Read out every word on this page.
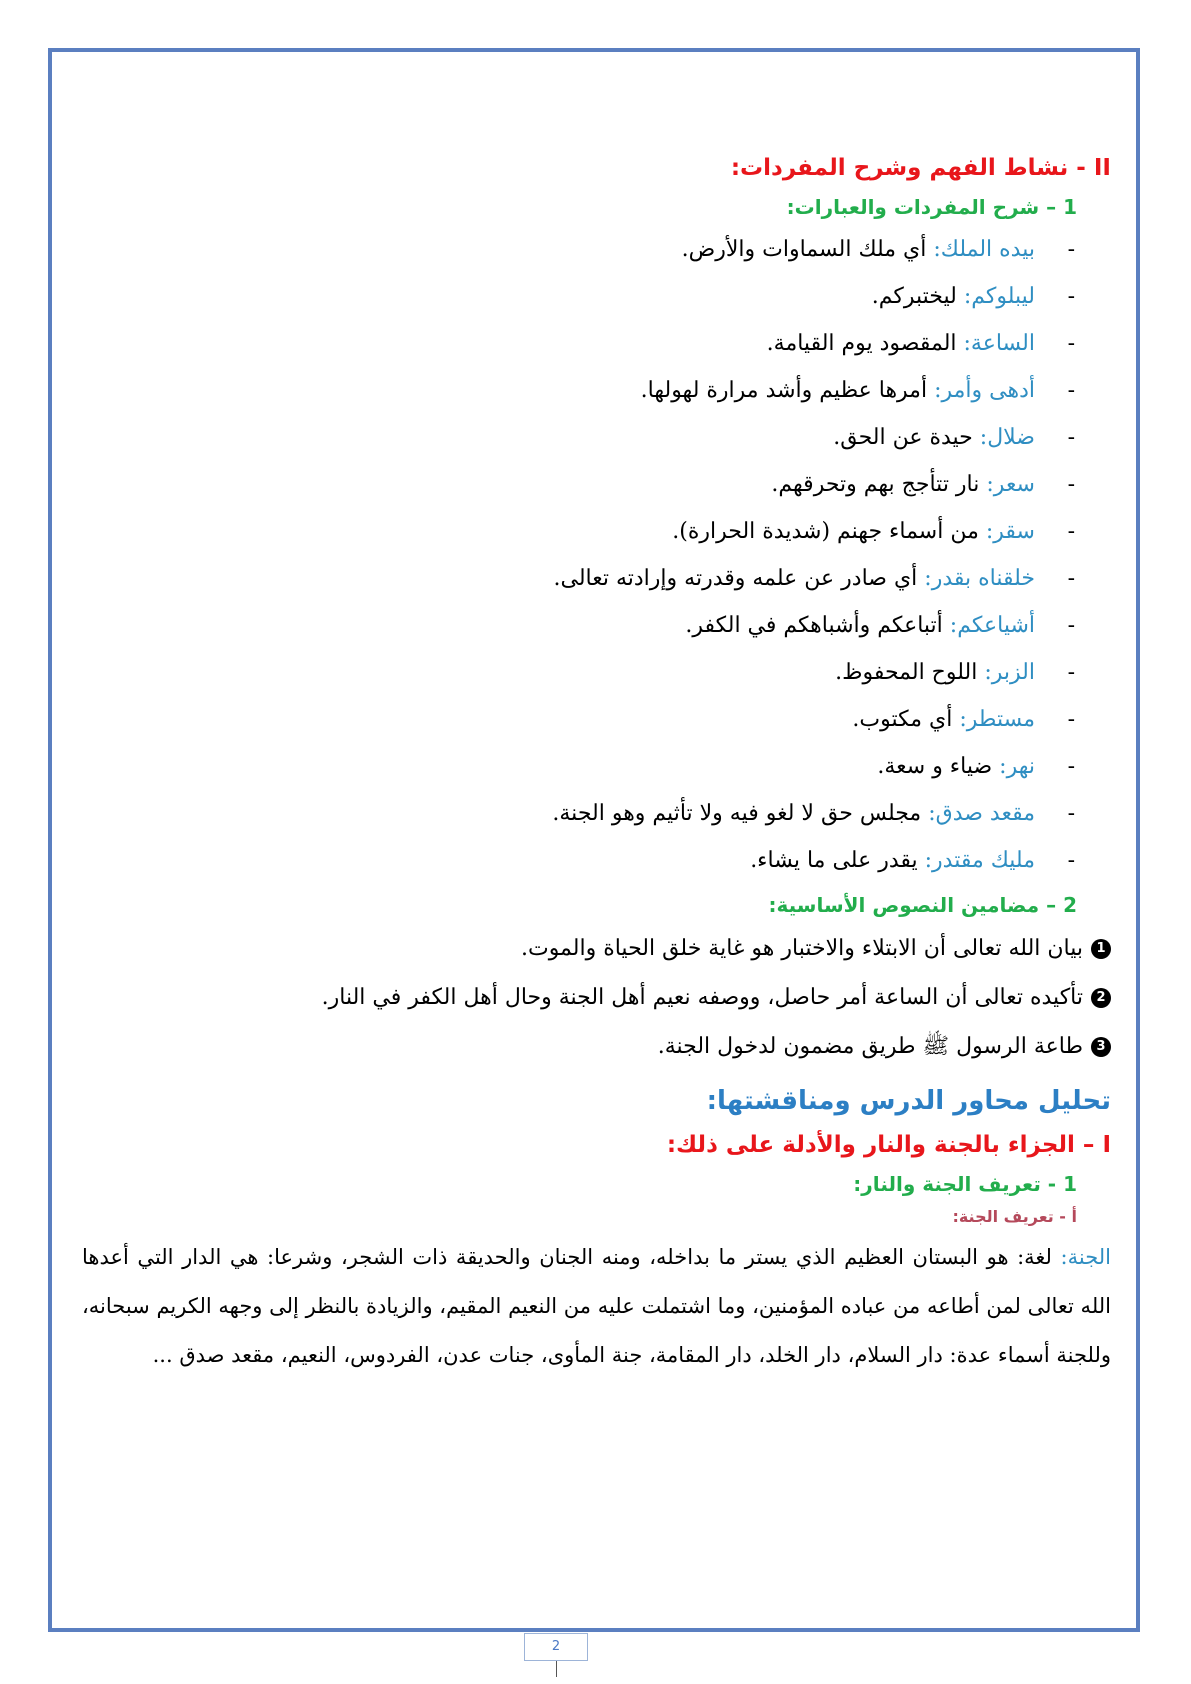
II - نشاط الفهم وشرح المفردات:
1 – شرح المفردات والعبارات:
-بيده الملك: أي ملك السماوات والأرض.
-ليبلوكم: ليختبركم.
-الساعة: المقصود يوم القيامة.
-أدهى وأمر: أمرها عظيم وأشد مرارة لهولها.
-ضلال: حيدة عن الحق.
-سعر: نار تتأجج بهم وتحرقهم.
-سقر: من أسماء جهنم (شديدة الحرارة).
-خلقناه بقدر: أي صادر عن علمه وقدرته وإرادته تعالى.
-أشياعكم: أتباعكم وأشباهكم في الكفر.
-الزبر: اللوح المحفوظ.
-مستطر: أي مكتوب.
-نهر: ضياء و سعة.
-مقعد صدق: مجلس حق لا لغو فيه ولا تأثيم وهو الجنة.
-مليك مقتدر: يقدر على ما يشاء.
2 – مضامين النصوص الأساسية:
1بيان الله تعالى أن الابتلاء والاختبار هو غاية خلق الحياة والموت.
2تأكيده تعالى أن الساعة أمر حاصل، ووصفه نعيم أهل الجنة وحال أهل الكفر في النار.
3طاعة الرسول ﷺ طريق مضمون لدخول الجنة.
تحليل محاور الدرس ومناقشتها:
I – الجزاء بالجنة والنار والأدلة على ذلك:
1 - تعريف الجنة والنار:
أ - تعريف الجنة:

الجنة: لغة: هو البستان العظيم الذي يستر ما بداخله، ومنه الجنان والحديقة ذات الشجر، وشرعا: هي الدار التي أعدها الله تعالى لمن أطاعه من عباده المؤمنين، وما اشتملت عليه من النعيم المقيم، والزيادة بالنظر إلى وجهه الكريم سبحانه، وللجنة أسماء عدة: دار السلام، دار الخلد، دار المقامة، جنة المأوى، جنات عدن، الفردوس، النعيم، مقعد صدق ...

2
